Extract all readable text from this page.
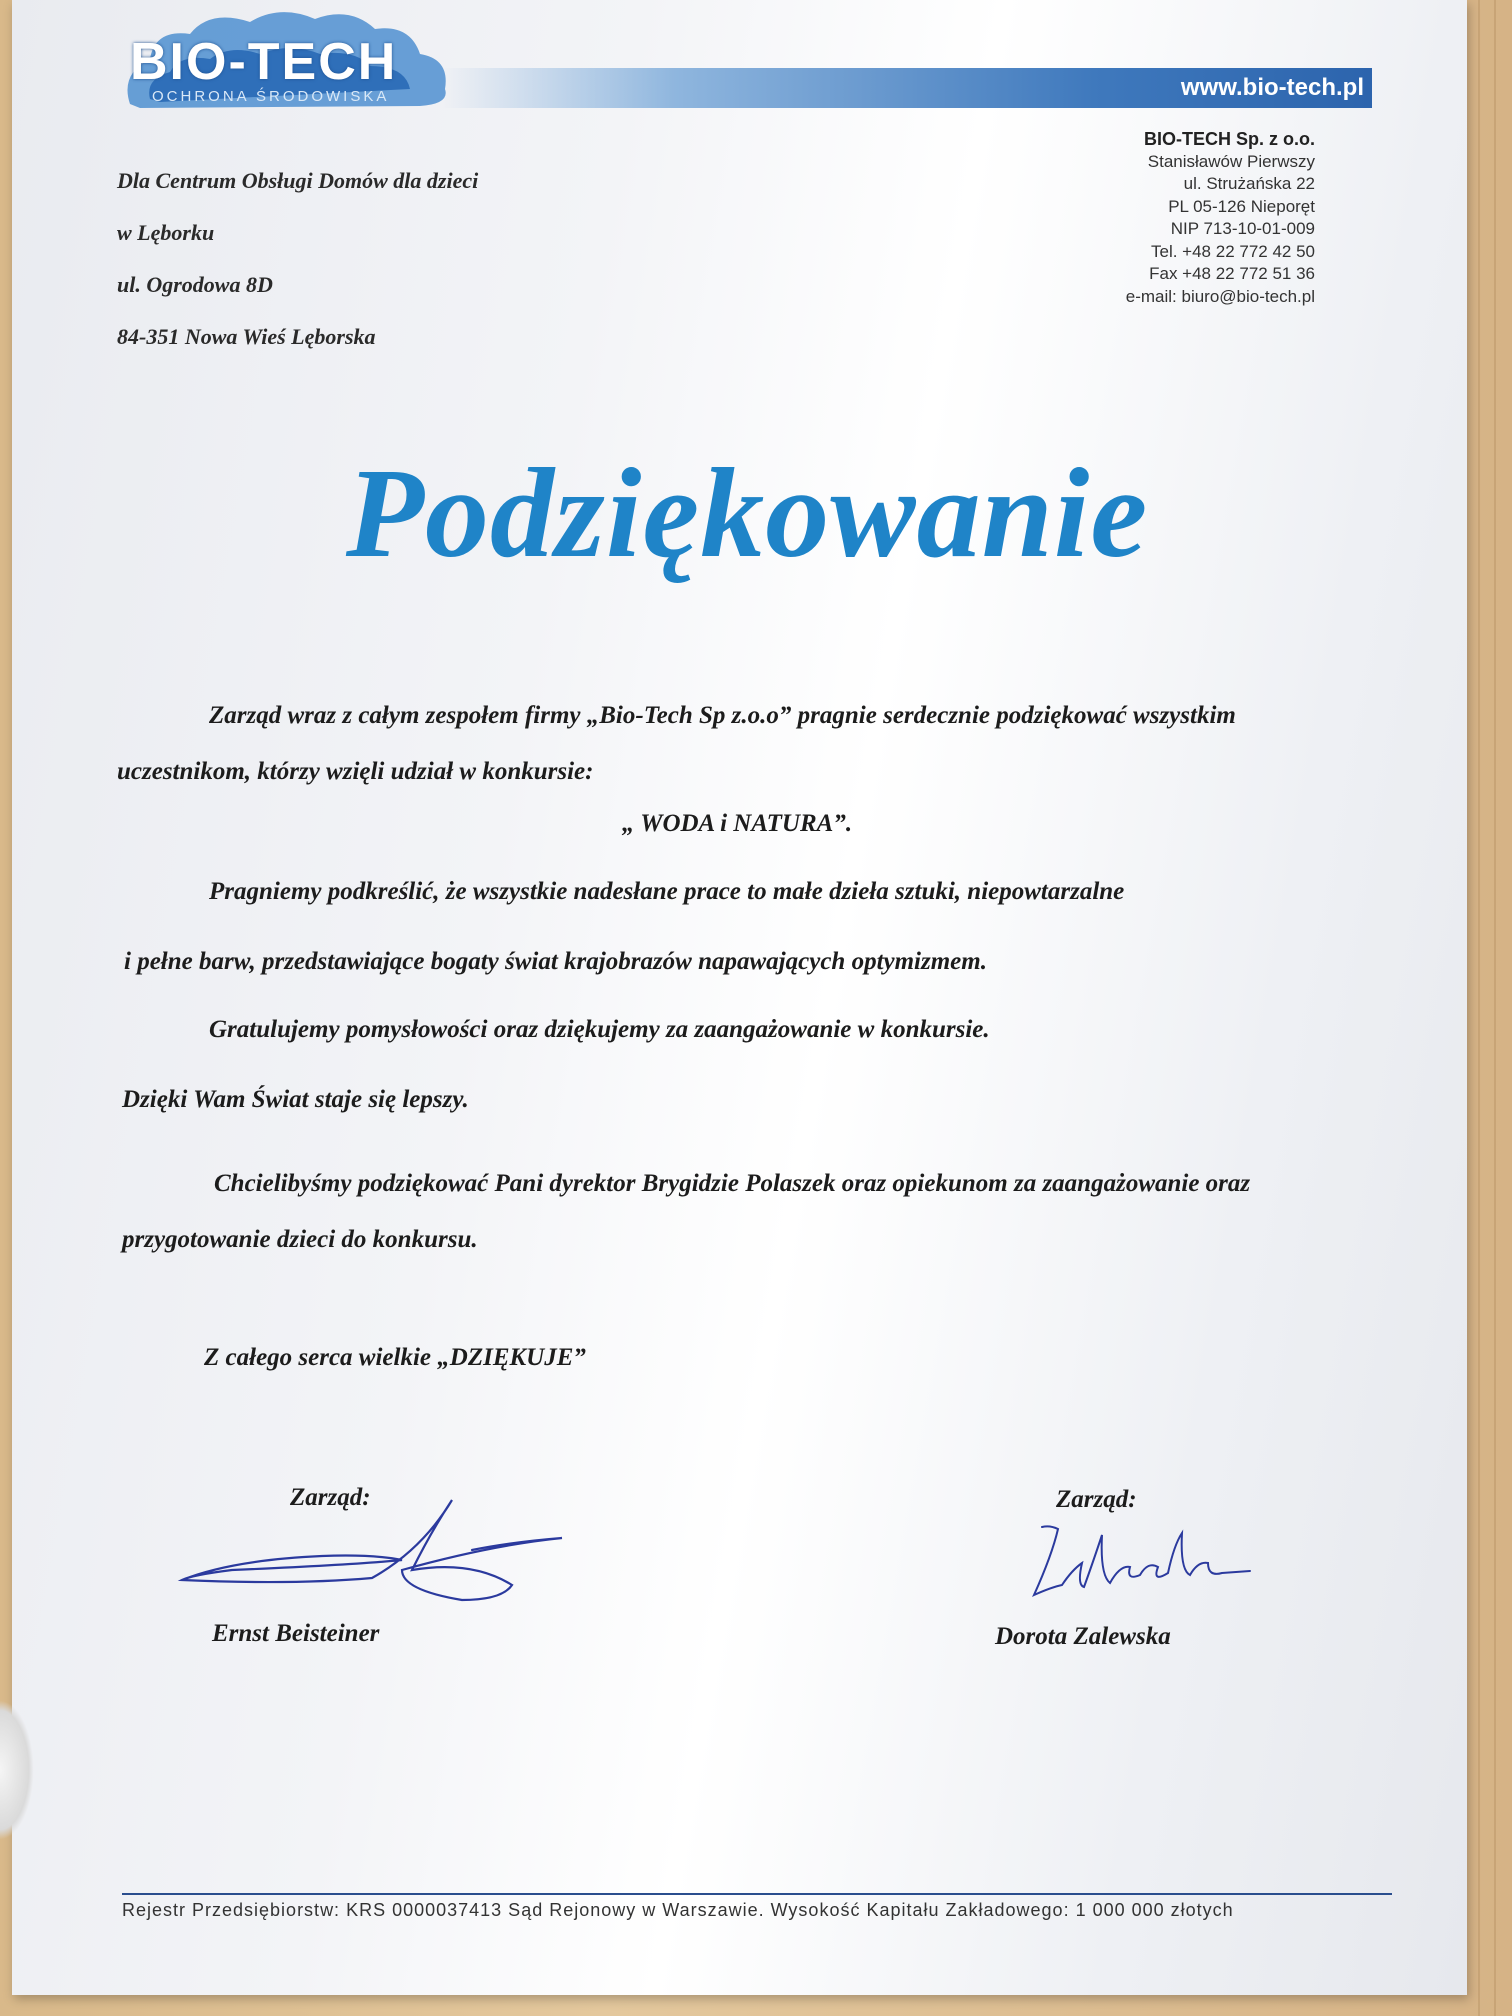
BIO-TECH
OCHRONA ŚRODOWISKA	www.bio-tech.pl
BIO-TECH Sp. z o.o.
Stanisławów Pierwszy
ul. Strużańska 22
PL 05-126 Nieporęt
NIP 713-10-01-009
Tel. +48 22 772 42 50
Fax +48 22 772 51 36
e-mail: biuro@bio-tech.pl
Dla Centrum Obsługi Domów dla dzieci
w Lęborku
ul. Ogrodowa 8D
84-351 Nowa Wieś Lęborska
Podziękowanie
Zarząd wraz z całym zespołem firmy „Bio-Tech Sp z.o.o” pragnie serdecznie podziękować wszystkim uczestnikom, którzy wzięli udział w konkursie:
„ WODA i NATURA”.
Pragniemy podkreślić, że wszystkie nadesłane prace to małe dzieła sztuki, niepowtarzalne
i pełne barw, przedstawiające bogaty świat krajobrazów napawających optymizmem.
Gratulujemy pomysłowości oraz dziękujemy za zaangażowanie w konkursie.
Dzięki Wam Świat staje się lepszy.
Chcielibyśmy podziękować Pani dyrektor Brygidzie Polaszek oraz opiekunom za zaangażowanie oraz przygotowanie dzieci do konkursu.
Z całego serca wielkie „DZIĘKUJE”
Zarząd:
Ernst Beisteiner
Zarząd:
Dorota Zalewska
Rejestr Przedsiębiorstw: KRS 0000037413 Sąd Rejonowy w Warszawie. Wysokość Kapitału Zakładowego: 1 000 000 złotych
